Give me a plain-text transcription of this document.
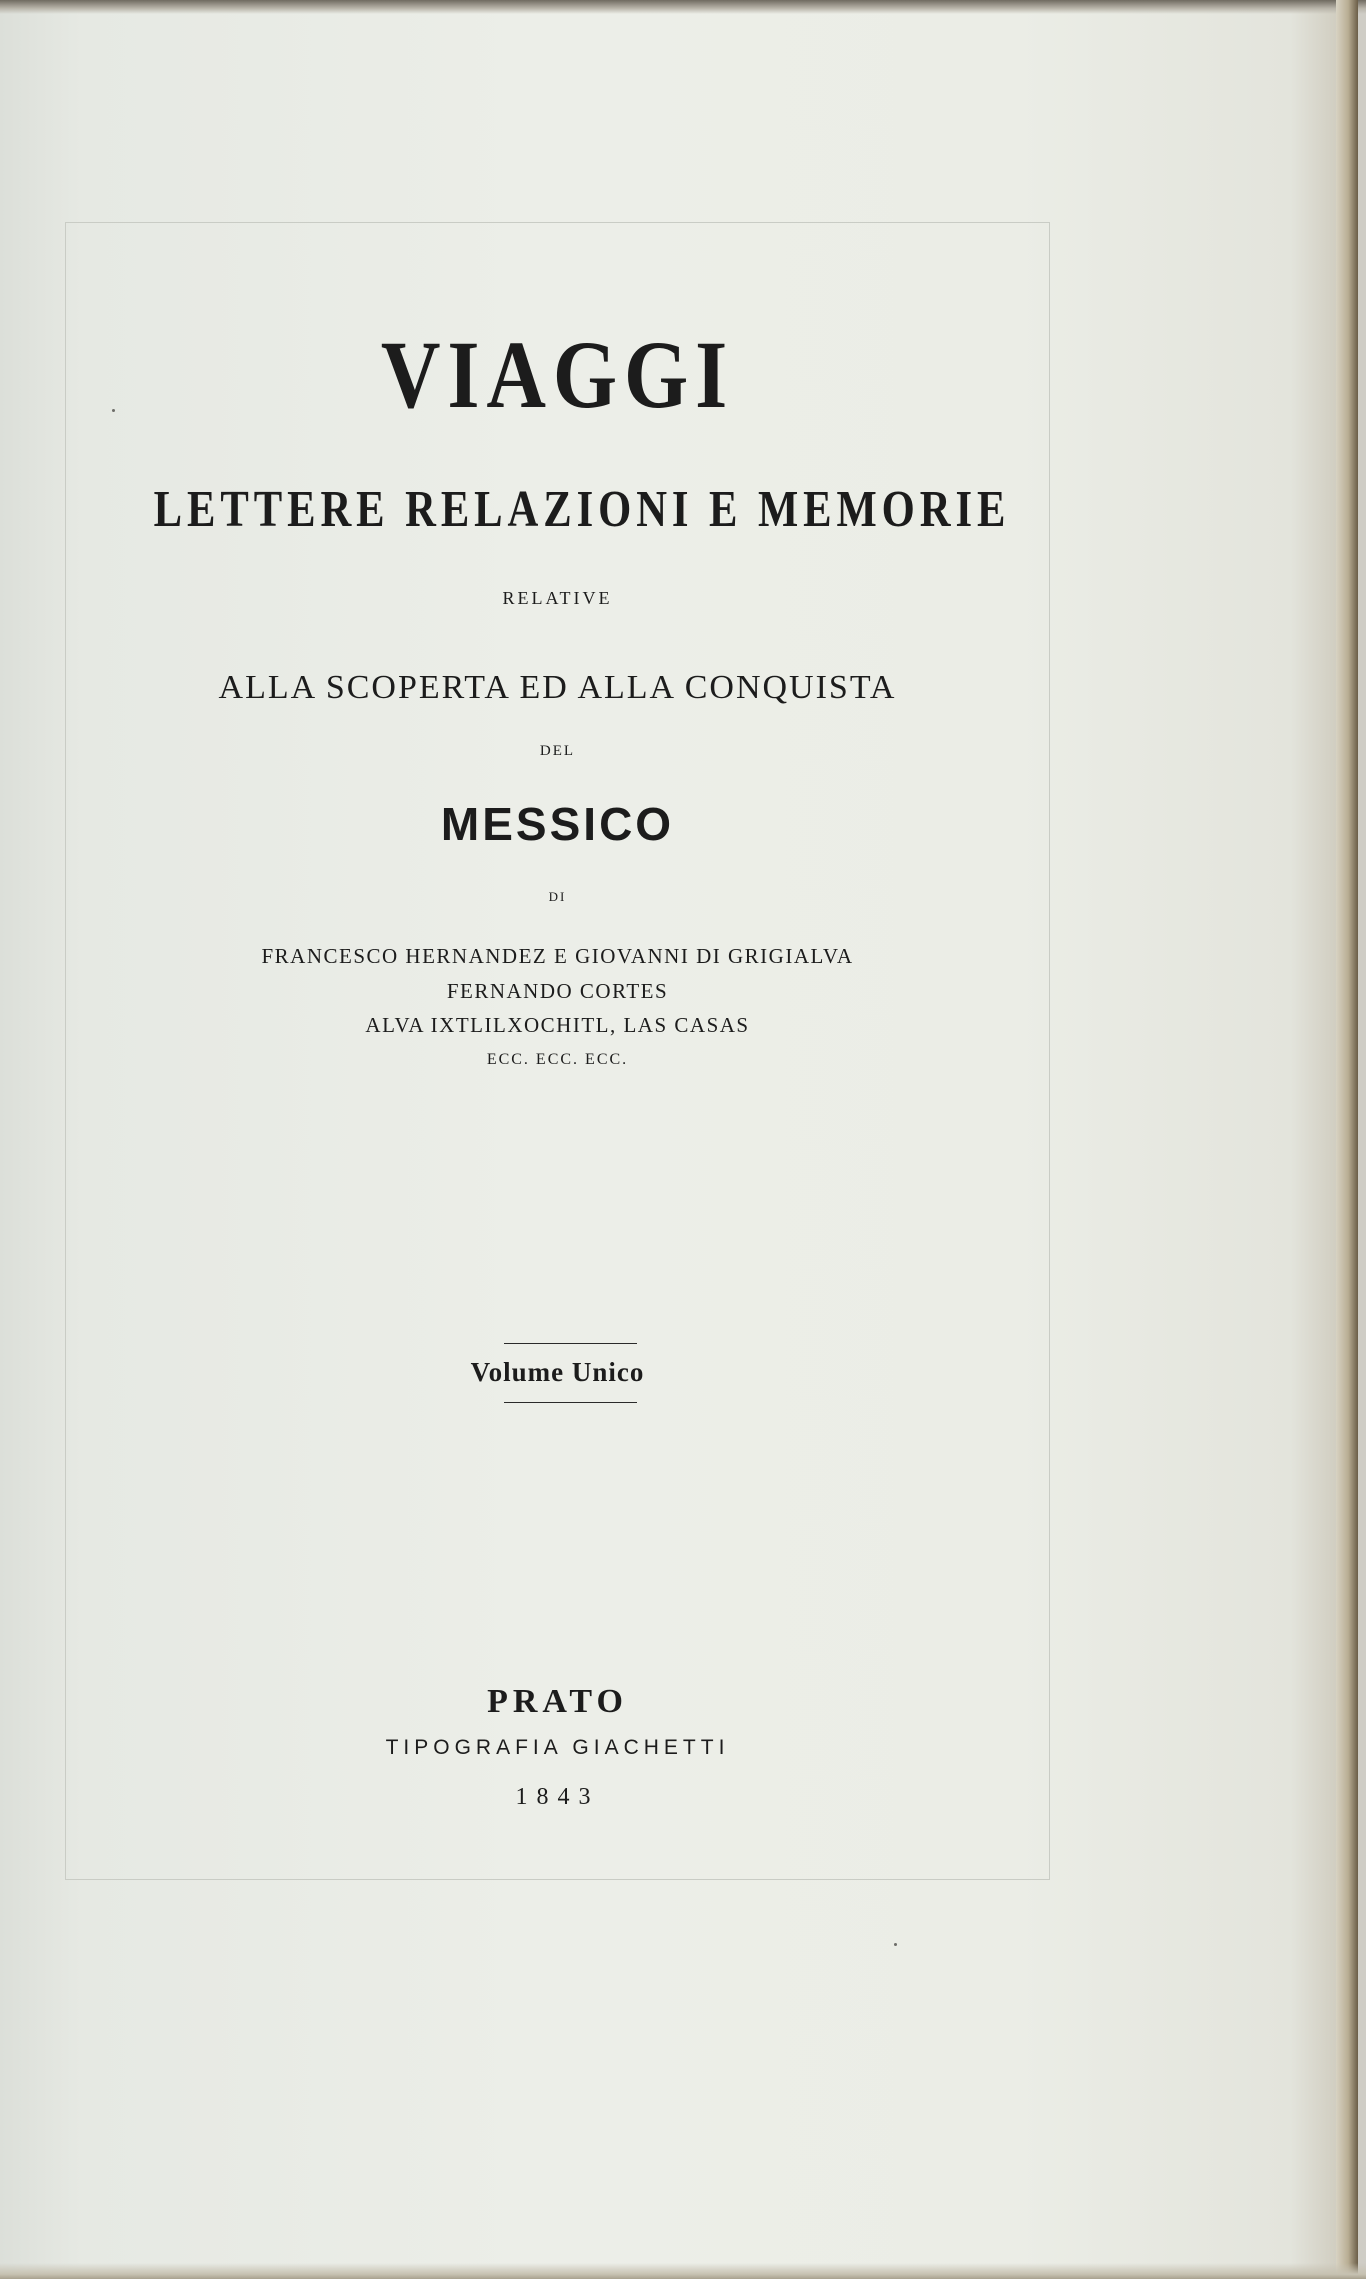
VIAGGI
LETTERE RELAZIONI E MEMORIE

RELATIVE

ALLA SCOPERTA ED ALLA CONQUISTA

DEL

MESSICO

DI

FRANCESCO HERNANDEZ E GIOVANNI DI GRIGIALVA

FERNANDO CORTES

ALVA IXTLILXOCHITL, LAS CASAS

ECC. ECC. ECC.

Volume Unico

PRATO

TIPOGRAFIA GIACHETTI

1843
